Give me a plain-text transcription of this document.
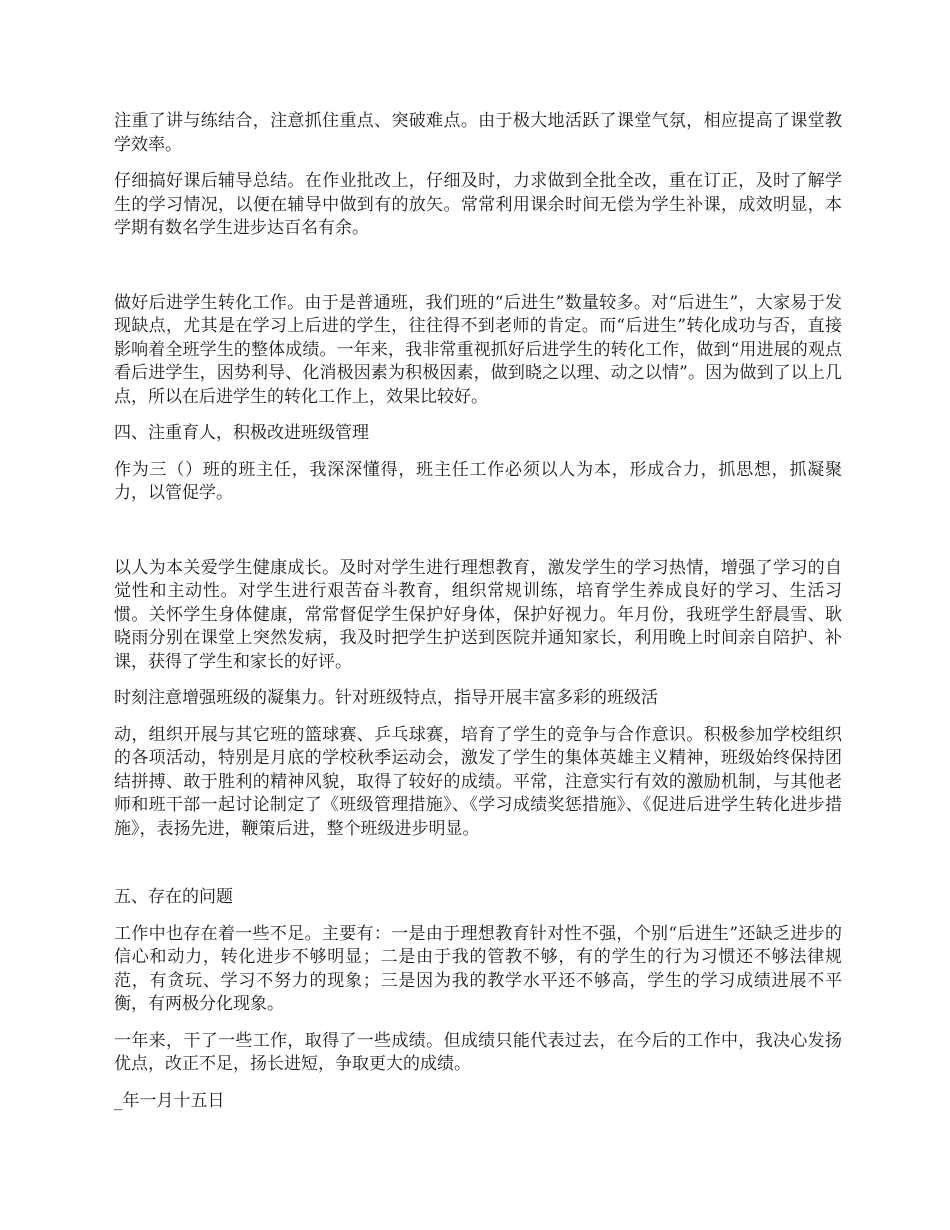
注重了讲与练结合，注意抓住重点、突破难点。由于极大地活跃了课堂气氛，相应提高了课堂教学效率。

仔细搞好课后辅导总结。在作业批改上，仔细及时，力求做到全批全改，重在订正，及时了解学生的学习情况，以便在辅导中做到有的放矢。常常利用课余时间无偿为学生补课，成效明显，本学期有数名学生进步达百名有余。

做好后进学生转化工作。由于是普通班，我们班的“后进生”数量较多。对“后进生”，大家易于发现缺点，尤其是在学习上后进的学生，往往得不到老师的肯定。而“后进生”转化成功与否，直接影响着全班学生的整体成绩。一年来，我非常重视抓好后进学生的转化工作，做到“用进展的观点看后进学生，因势利导、化消极因素为积极因素，做到晓之以理、动之以情”。因为做到了以上几点，所以在后进学生的转化工作上，效果比较好。

四、注重育人，积极改进班级管理

作为三（）班的班主任，我深深懂得，班主任工作必须以人为本，形成合力，抓思想，抓凝聚力，以管促学。

以人为本关爱学生健康成长。及时对学生进行理想教育，激发学生的学习热情，增强了学习的自觉性和主动性。对学生进行艰苦奋斗教育，组织常规训练，培育学生养成良好的学习、生活习惯。关怀学生身体健康，常常督促学生保护好身体，保护好视力。年月份，我班学生舒晨雪、耿晓雨分别在课堂上突然发病，我及时把学生护送到医院并通知家长，利用晚上时间亲自陪护、补课，获得了学生和家长的好评。

时刻注意增强班级的凝集力。针对班级特点，指导开展丰富多彩的班级活

动，组织开展与其它班的篮球赛、乒乓球赛，培育了学生的竞争与合作意识。积极参加学校组织的各项活动，特别是月底的学校秋季运动会，激发了学生的集体英雄主义精神，班级始终保持团结拼搏、敢于胜利的精神风貌，取得了较好的成绩。平常，注意实行有效的激励机制，与其他老师和班干部一起讨论制定了《班级管理措施》、《学习成绩奖惩措施》、《促进后进学生转化进步措施》，表扬先进，鞭策后进，整个班级进步明显。

五、存在的问题

工作中也存在着一些不足。主要有：一是由于理想教育针对性不强，个别“后进生”还缺乏进步的信心和动力，转化进步不够明显；二是由于我的管教不够，有的学生的行为习惯还不够法律规范，有贪玩、学习不努力的现象；三是因为我的教学水平还不够高，学生的学习成绩进展不平衡，有两极分化现象。

一年来，干了一些工作，取得了一些成绩。但成绩只能代表过去，在今后的工作中，我决心发扬优点，改正不足，扬长进短，争取更大的成绩。

_年一月十五日
